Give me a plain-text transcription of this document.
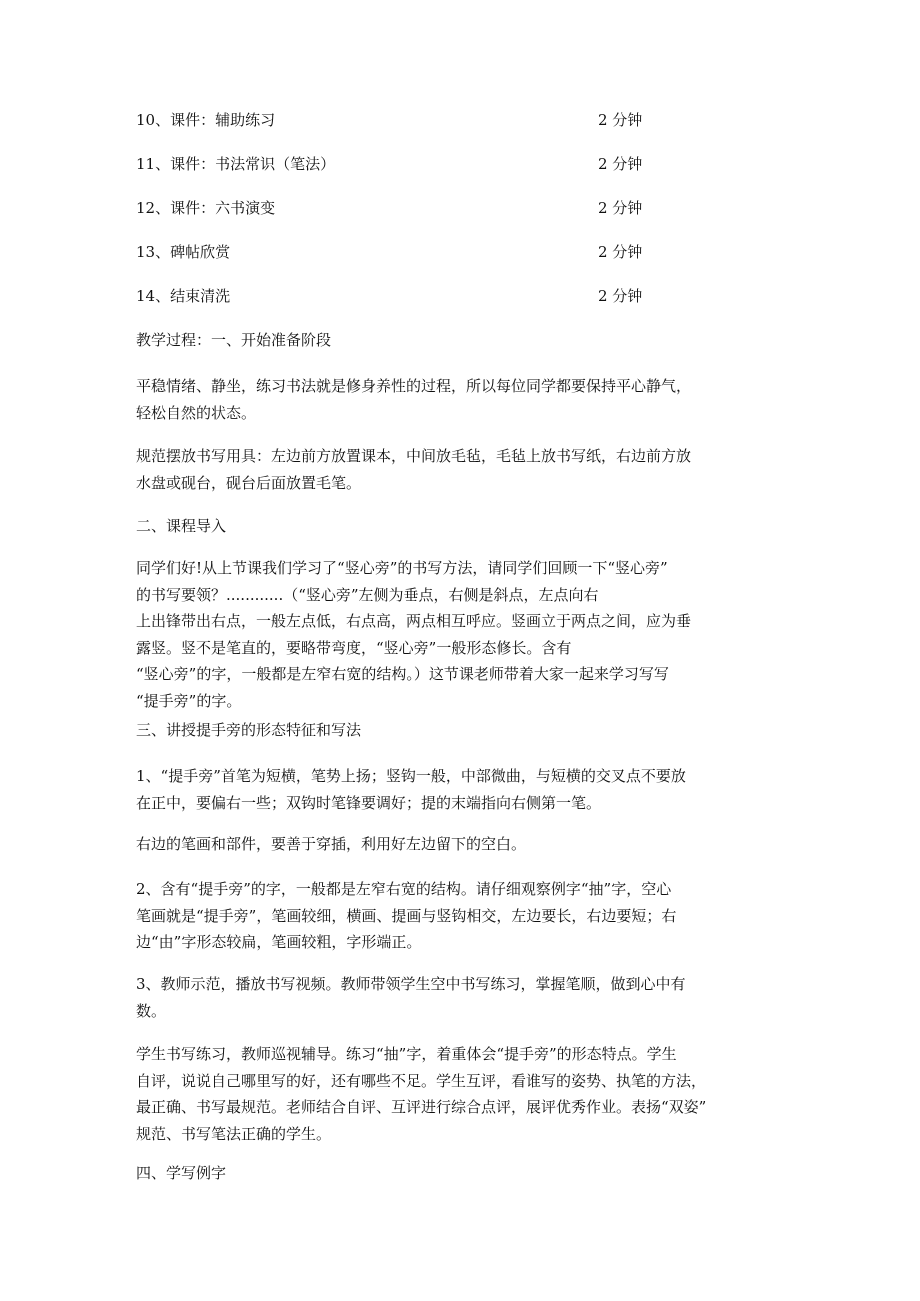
10、课件：辅助练习	2 分钟
11、课件：书法常识（笔法）	2 分钟
12、课件：六书演变	2 分钟
13、碑帖欣赏	2 分钟
14、结束清洗	2 分钟
教学过程：一、开始准备阶段
平稳情绪、静坐，练习书法就是修身养性的过程，所以每位同学都要保持平心静气，
轻松自然的状态。
规范摆放书写用具：左边前方放置课本，中间放毛毡，毛毡上放书写纸，右边前方放
水盘或砚台，砚台后面放置毛笔。
二、课程导入
同学们好!从上节课我们学习了“竖心旁”的书写方法，请同学们回顾一下“竖心旁”
的书写要领？............（“竖心旁”左侧为垂点，右侧是斜点，左点向右
上出锋带出右点，一般左点低，右点高，两点相互呼应。竖画立于两点之间，应为垂
露竖。竖不是笔直的，要略带弯度，“竖心旁”一般形态修长。含有
“竖心旁”的字，一般都是左窄右宽的结构。）这节课老师带着大家一起来学习写写
“提手旁”的字。
三、讲授提手旁的形态特征和写法
1、“提手旁”首笔为短横，笔势上扬；竖钩一般，中部微曲，与短横的交叉点不要放
在正中，要偏右一些；双钩时笔锋要调好；提的末端指向右侧第一笔。
右边的笔画和部件，要善于穿插，利用好左边留下的空白。
2、含有“提手旁”的字，一般都是左窄右宽的结构。请仔细观察例字“抽”字，空心
笔画就是“提手旁”，笔画较细，横画、提画与竖钩相交，左边要长，右边要短；右
边“由”字形态较扁，笔画较粗，字形端正。
3、教师示范，播放书写视频。教师带领学生空中书写练习，掌握笔顺，做到心中有
数。
学生书写练习，教师巡视辅导。练习“抽”字，着重体会“提手旁”的形态特点。学生
自评，说说自己哪里写的好，还有哪些不足。学生互评，看谁写的姿势、执笔的方法，
最正确、书写最规范。老师结合自评、互评进行综合点评，展评优秀作业。表扬“双姿”
规范、书写笔法正确的学生。
四、学写例字
